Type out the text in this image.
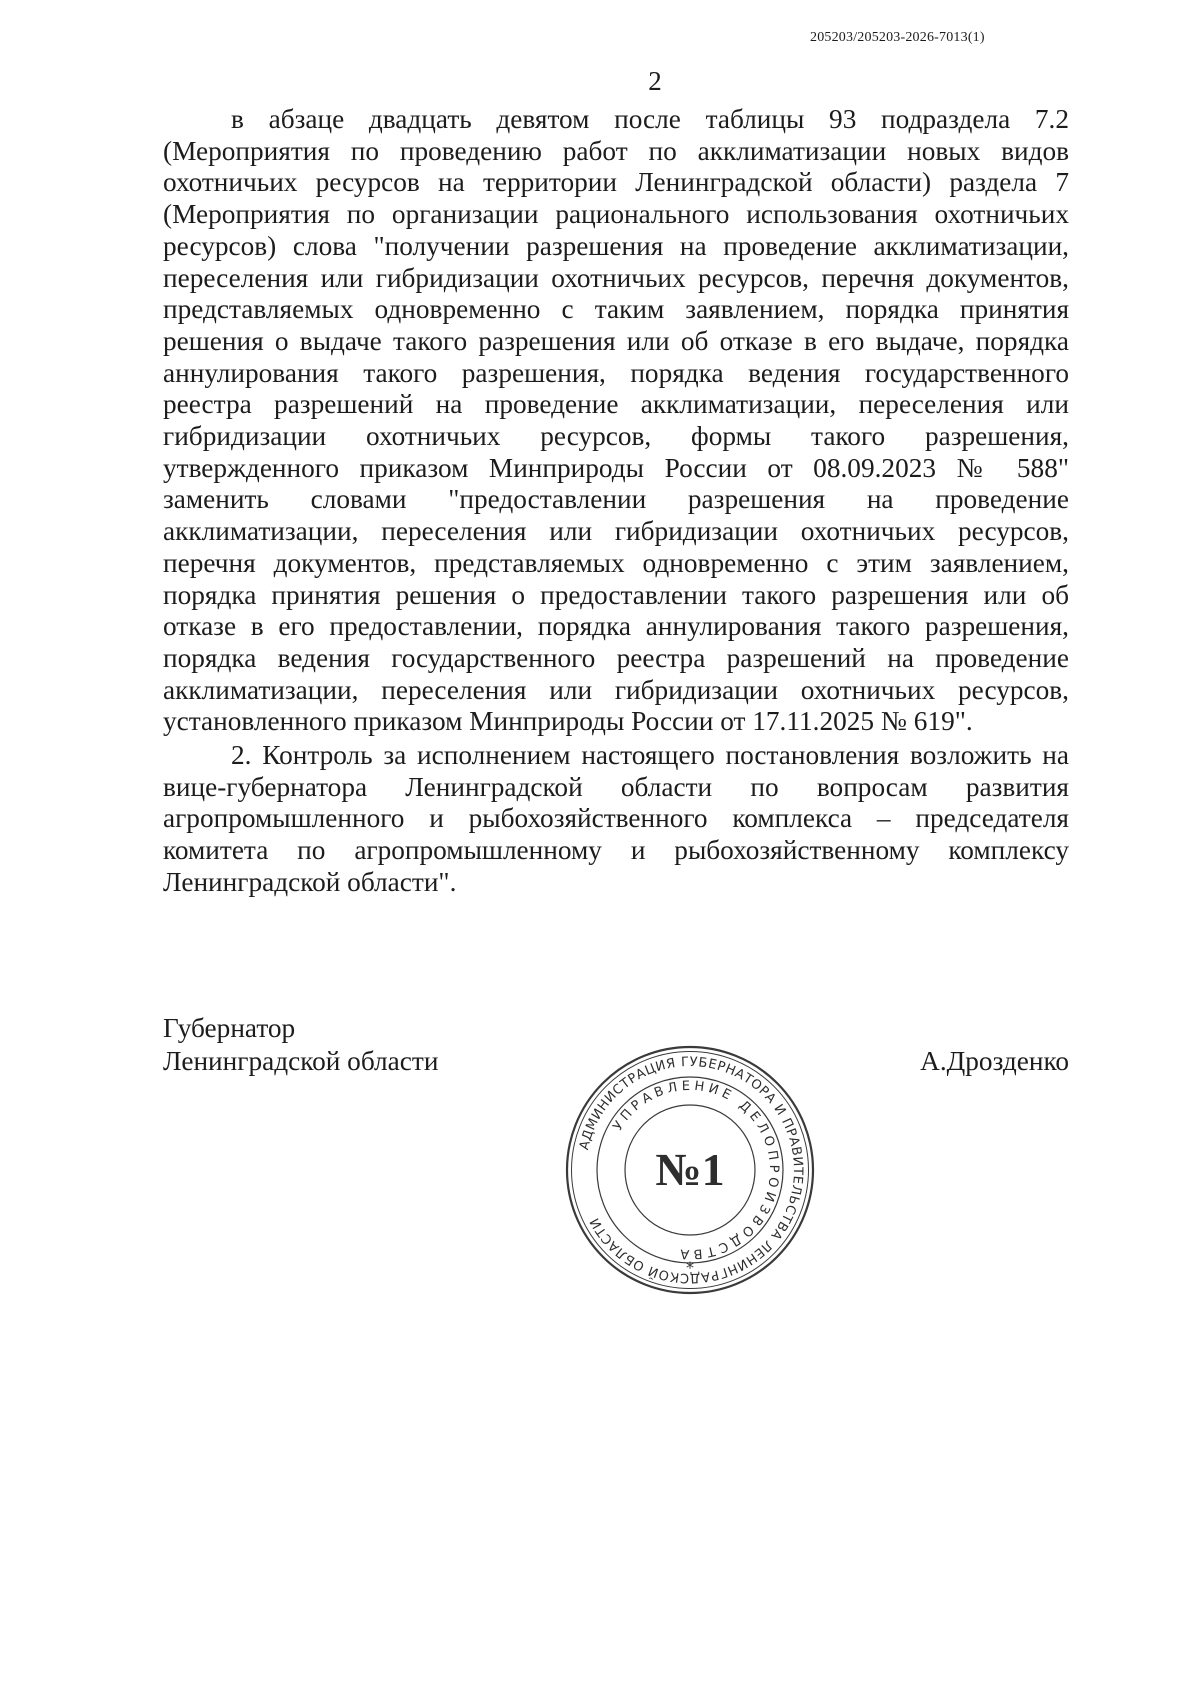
205203/205203-2026-7013(1)
2

в абзаце двадцать девятом после таблицы 93 подраздела 7.2 (Мероприятия по проведению работ по акклиматизации новых видов охотничьих ресурсов на территории Ленинградской области) раздела 7 (Мероприятия по организации рационального использования охотничьих ресурсов) слова "получении разрешения на проведение акклиматизации, переселения или гибридизации охотничьих ресурсов, перечня документов, представляемых одновременно с таким заявлением, порядка принятия решения о выдаче такого разрешения или об отказе в его выдаче, порядка аннулирования такого разрешения, порядка ведения государственного реестра разрешений на проведение акклиматизации, переселения или гибридизации охотничьих ресурсов, формы такого разрешения, утвержденного приказом Минприроды России от 08.09.2023 № 588" заменить словами "предоставлении разрешения на проведение акклиматизации, переселения или гибридизации охотничьих ресурсов, перечня документов, представляемых одновременно с этим заявлением, порядка принятия решения о предоставлении такого разрешения или об отказе в его предоставлении, порядка аннулирования такого разрешения, порядка ведения государственного реестра разрешений на проведение акклиматизации, переселения или гибридизации охотничьих ресурсов, установленного приказом Минприроды России от 17.11.2025 № 619".

2. Контроль за исполнением настоящего постановления возложить на вице-губернатора Ленинградской области по вопросам развития агропромышленного и рыбохозяйственного комплекса – председателя комитета по агропромышленному и рыбохозяйственному комплексу Ленинградской области".

Губернатор
Ленинградской области	А.Дрозденко
АДМИНИСТРАЦИЯ ГУБЕРНАТОРА И ПРАВИТЕЛЬСТВА ЛЕНИНГРАДСКОЙ ОБЛАСТИ
УПРАВЛЕНИЕ ДЕЛОПРОИЗВОДСТВА
№1
*
